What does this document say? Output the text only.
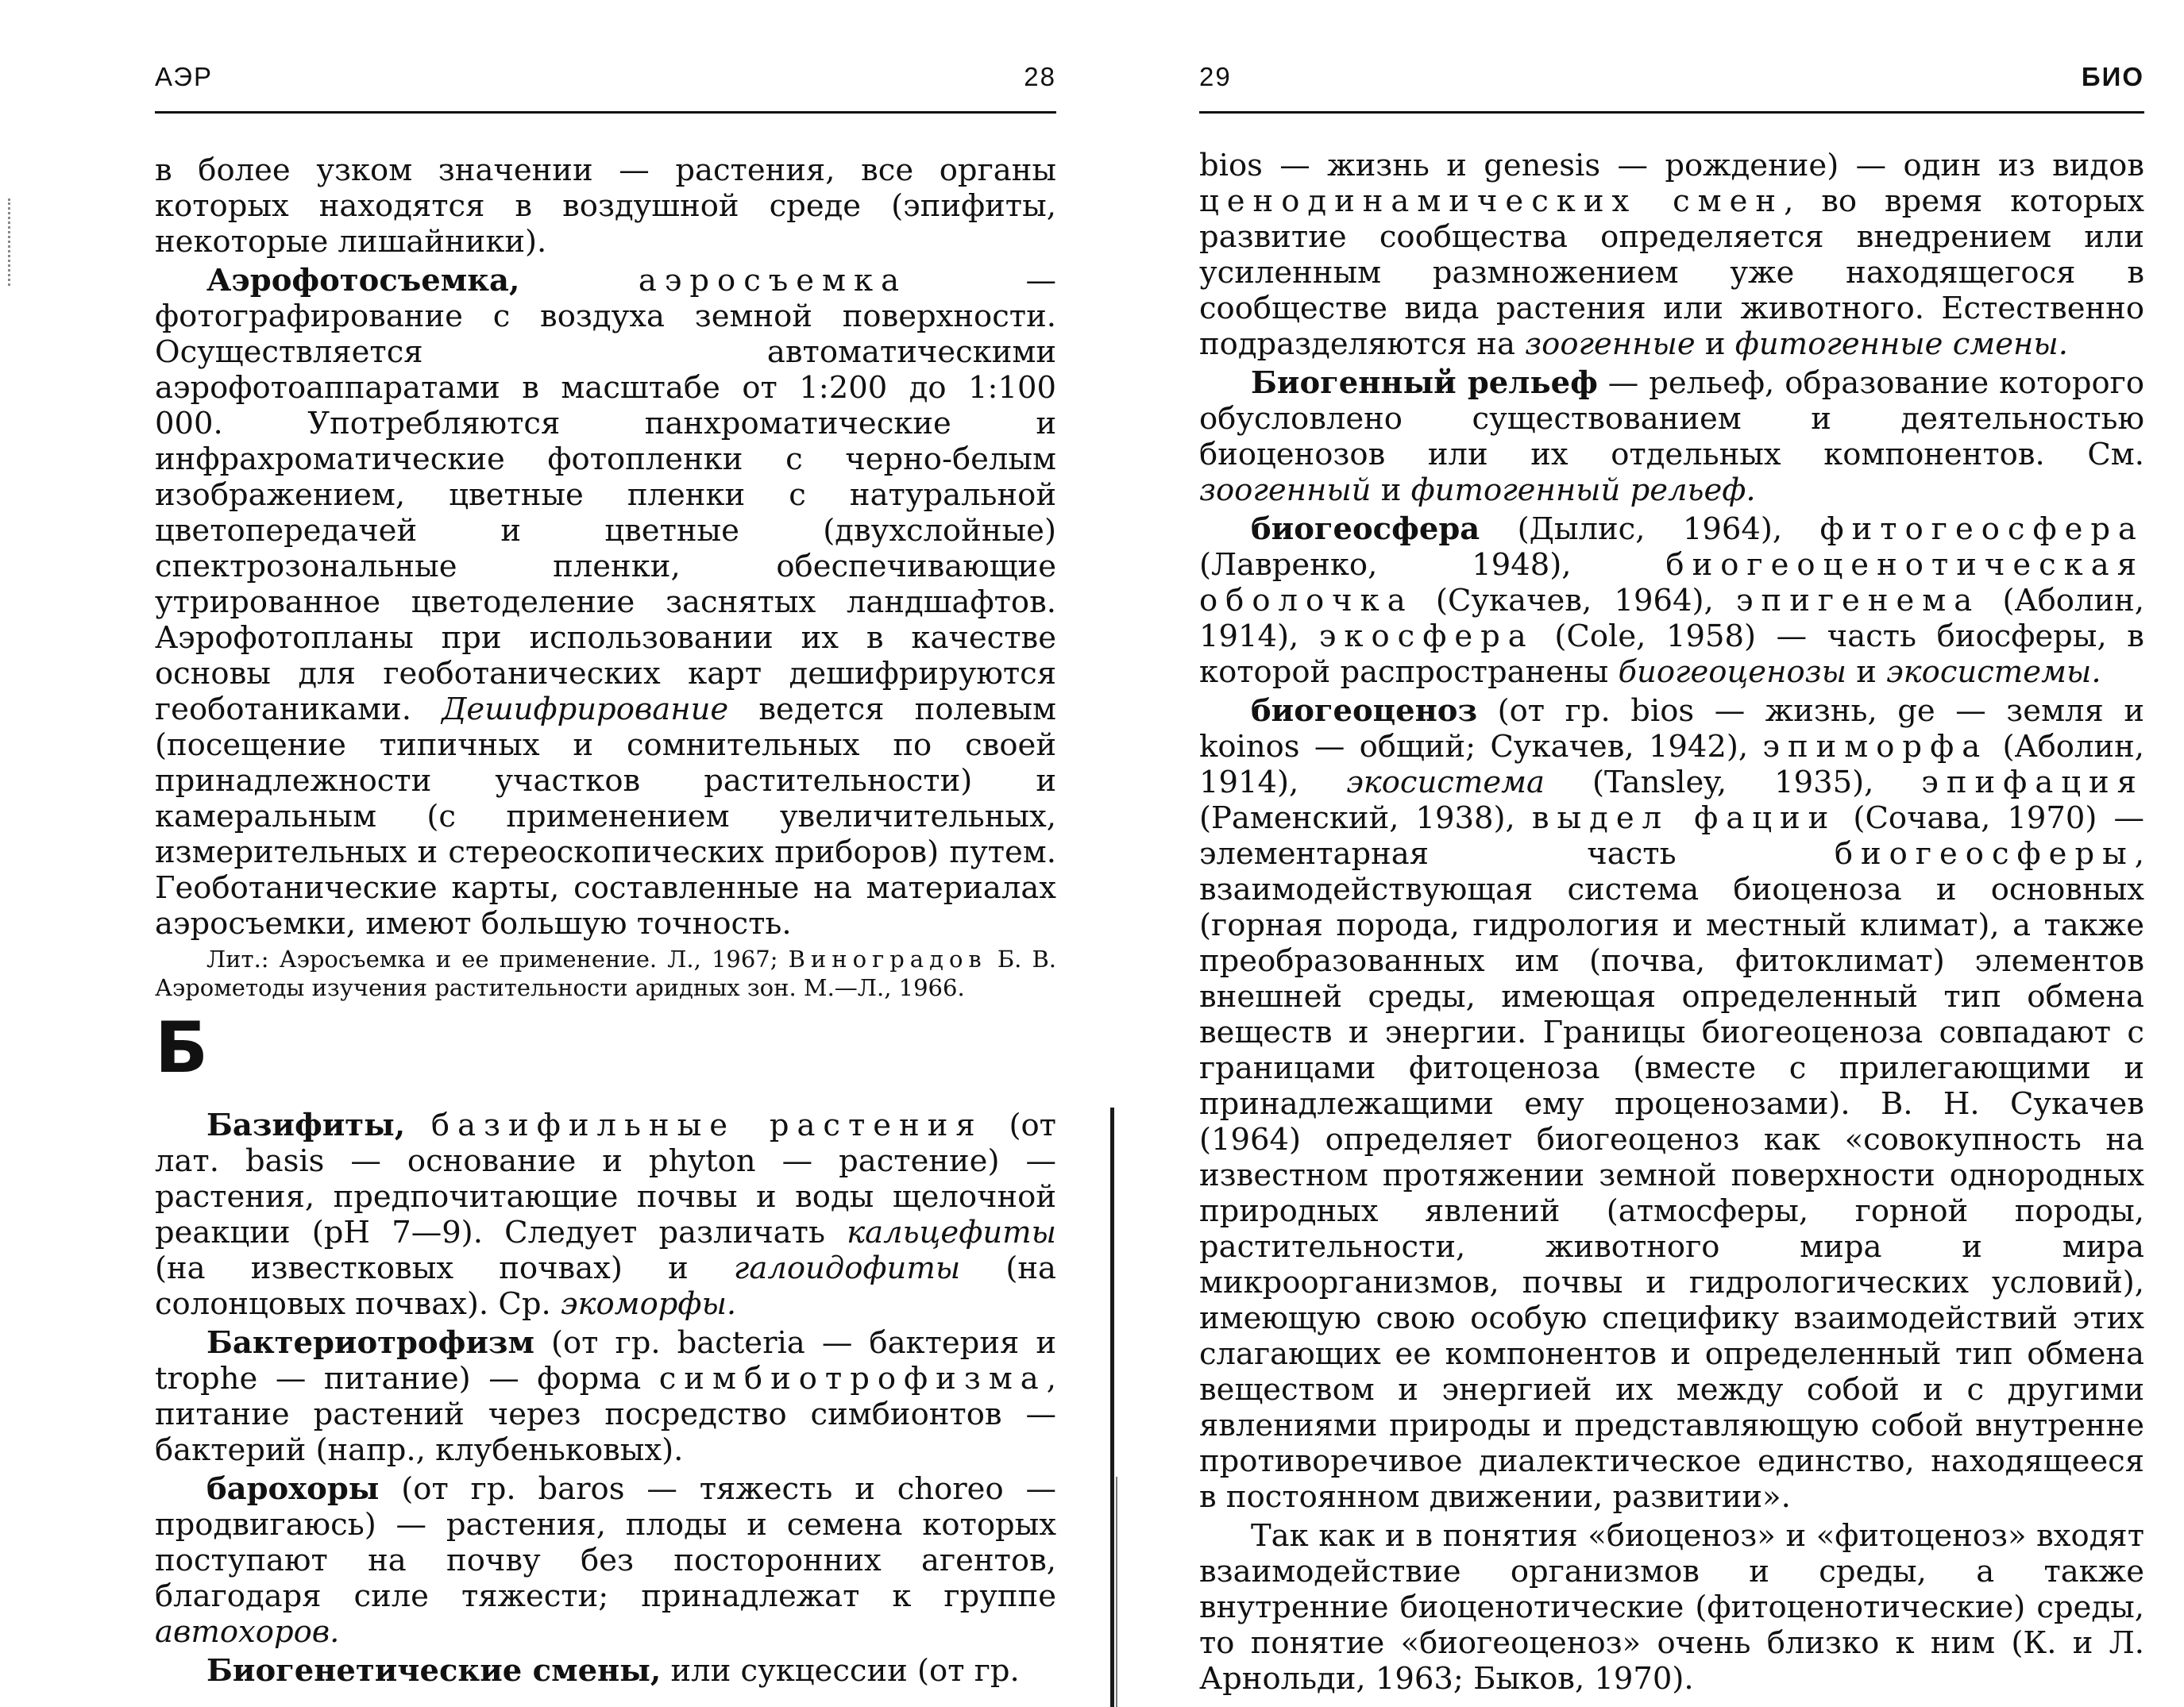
АЭР	28

в более узком значении — растения, все органы которых находятся в воздушной среде (эпифиты, некоторые лишайники).

Аэрофотосъемка,	аэросъемка — фотографирование с воздуха земной поверхности. Осуществляется автоматическими аэрофотоаппаратами в масштабе от 1:200 до 1:100 000. Употребляются панхроматические и инфрахроматические фотопленки с черно-белым изображением, цветные пленки с натуральной цветопередачей и цветные (двухслойные) спектрозональные пленки, обеспечивающие утрированное цветоделение заснятых ландшафтов. Аэрофотопланы при использовании их в качестве основы для геоботанических карт дешифрируются геоботаниками. Дешифрирование ведется полевым (посещение типичных и сомнительных по своей принадлежности участков растительности) и камеральным (с применением увеличительных, измерительных и стереоскопических приборов) путем. Геоботанические карты, составленные на материалах аэросъемки, имеют большую точность.

Лит.: Аэросъемка и ее применение. Л., 1967; Виноградов Б. В. Аэрометоды изучения растительности аридных зон. М.—Л., 1966.

Б

Базифиты, базифильные растения (от лат. basis — основание и phyton — растение) — растения, предпочитающие почвы и воды щелочной реакции (рН 7—9). Следует различать кальцефиты (на известковых почвах) и галоидофиты (на солонцовых почвах). Ср. экоморфы.

Бактериотрофизм (от гр. bacteria — бактерия и trophe — питание) — форма симбиотрофизма, питание растений через посредство симбионтов — бактерий (напр., клубеньковых).

барохоры (от гр. baros — тяжесть и choreo — продвигаюсь) — растения, плоды и семена которых поступают на почву без посторонних агентов, благодаря силе тяжести; принадлежат к группе автохоров.

Биогенетические смены, или сукцессии (от гр.

29	БИО

bios — жизнь и genesis — рождение) — один из видов ценодинамических смен, во время которых развитие сообщества определяется внедрением или усиленным размножением уже находящегося в сообществе вида растения или животного. Естественно подразделяются на зоогенные и фитогенные смены.

Биогенный рельеф — рельеф, образование которого обусловлено существованием и деятельностью биоценозов или их отдельных компонентов. См. зоогенный и фитогенный рельеф.

биогеосфера (Дылис, 1964), фитогеосфера (Лавренко, 1948), биогеоценотическая оболочка (Сукачев, 1964), эпигенема (Аболин, 1914), экосфера (Cole, 1958) — часть биосферы, в которой распространены биогеоценозы и экосистемы.

биогеоценоз (от гр. bios — жизнь, ge — земля и koinos — общий; Сукачев, 1942), эпиморфа (Аболин, 1914), экосистема (Tansley, 1935), эпифация (Раменский, 1938), выдел фации (Сочава, 1970) — элементарная часть биогеосферы, взаимодействующая система биоценоза и основных (горная порода, гидрология и местный климат), а также преобразованных им (почва, фитоклимат) элементов внешней среды, имеющая определенный тип обмена веществ и энергии. Границы биогеоценоза совпадают с границами фитоценоза (вместе с прилегающими и принадлежащими ему проценозами). В. Н. Сукачев (1964) определяет биогеоценоз как «совокупность на известном протяжении земной поверхности однородных природных явлений (атмосферы, горной породы, растительности, животного мира и мира микроорганизмов, почвы и гидрологических условий), имеющую свою особую специфику взаимодействий этих слагающих ее компонентов и определенный тип обмена веществом и энергией их между собой и с другими явлениями природы и представляющую собой внутренне противоречивое диалектическое единство, находящееся в постоянном движении, развитии».

Так как и в понятия «биоценоз» и «фитоценоз» входят взаимодействие организмов и среды, а также внутренние биоценотические (фитоценотические) среды, то понятие «биогеоценоз» очень близко к ним (К. и Л. Арнольди, 1963; Быков, 1970).
